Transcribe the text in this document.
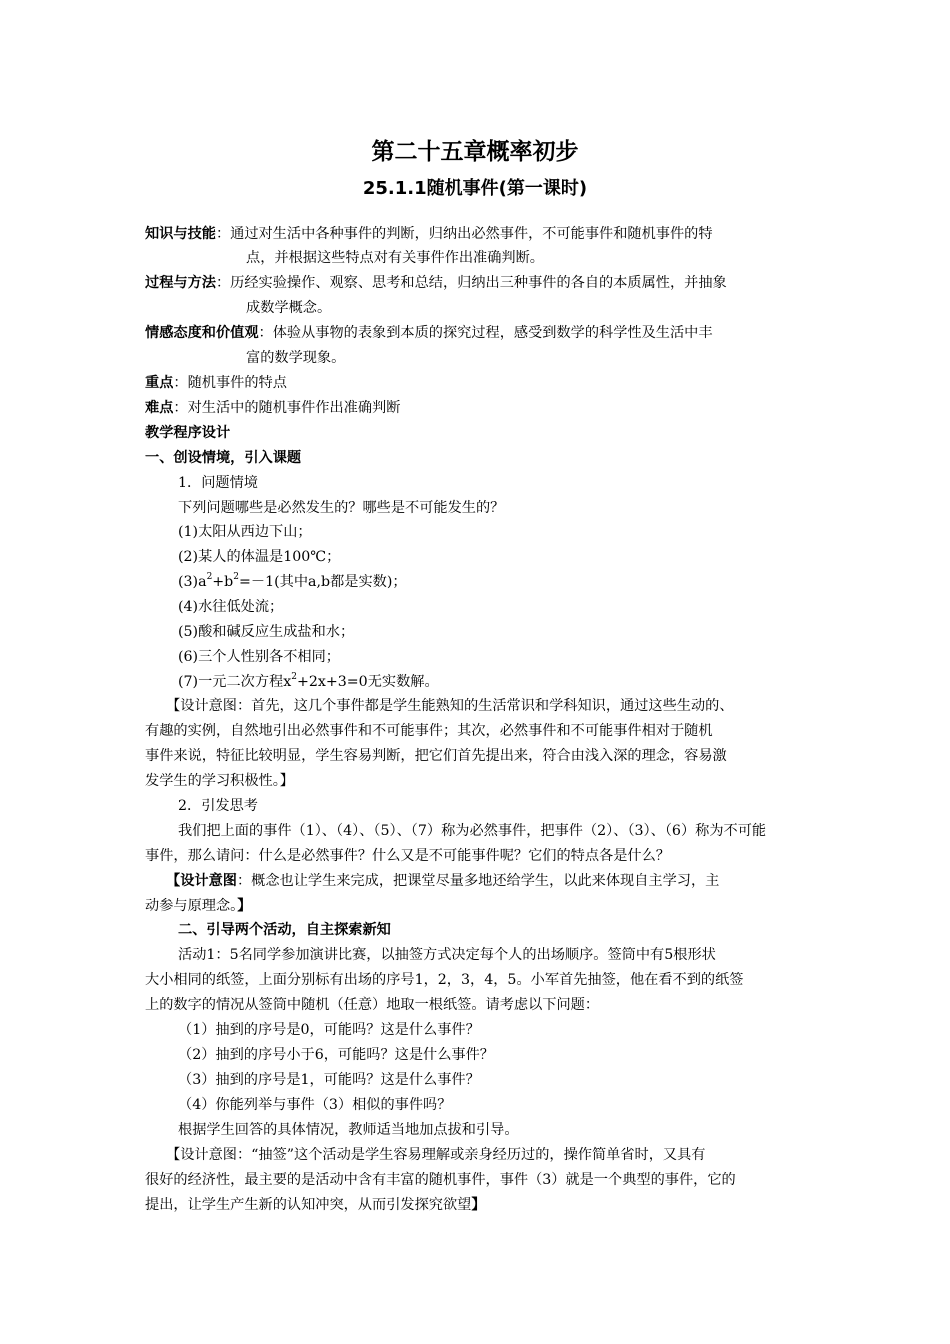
第二十五章概率初步
25.1.1随机事件(第一课时)
知识与技能：通过对生活中各种事件的判断，归纳出必然事件，不可能事件和随机事件的特
点，并根据这些特点对有关事件作出准确判断。
过程与方法：历经实验操作、观察、思考和总结，归纳出三种事件的各自的本质属性，并抽象
成数学概念。
情感态度和价值观：体验从事物的表象到本质的探究过程，感受到数学的科学性及生活中丰
富的数学现象。
重点：随机事件的特点
难点：对生活中的随机事件作出准确判断
教学程序设计
一、创设情境，引入课题
1．问题情境
下列问题哪些是必然发生的？哪些是不可能发生的？
(1)太阳从西边下山；
(2)某人的体温是100℃；
$(3)a^2+b^2=-1$(其中a,b都是实数)；
(4)水往低处流；
(5)酸和碱反应生成盐和水；
(6)三个人性别各不相同；
(7)一元二次方程$x^2+2x+3=0$无实数解。
【设计意图：首先，这几个事件都是学生能熟知的生活常识和学科知识，通过这些生动的、
有趣的实例，自然地引出必然事件和不可能事件；其次，必然事件和不可能事件相对于随机
事件来说，特征比较明显，学生容易判断，把它们首先提出来，符合由浅入深的理念，容易激
发学生的学习积极性。】
2．引发思考
我们把上面的事件（1）、（4）、（5）、（7）称为必然事件，把事件（2）、（3）、（6）称为不可能
事件，那么请问：什么是必然事件？什么又是不可能事件呢？它们的特点各是什么？
【设计意图：概念也让学生来完成，把课堂尽量多地还给学生，以此来体现自主学习，主
动参与原理念。】
二、引导两个活动，自主探索新知
活动1：5名同学参加演讲比赛，以抽签方式决定每个人的出场顺序。签筒中有5根形状
大小相同的纸签，上面分别标有出场的序号1，2，3，4，5。小军首先抽签，他在看不到的纸签
上的数字的情况从签筒中随机（任意）地取一根纸签。请考虑以下问题：
（1）抽到的序号是0，可能吗？这是什么事件？
（2）抽到的序号小于6，可能吗？这是什么事件？
（3）抽到的序号是1，可能吗？这是什么事件？
（4）你能列举与事件（3）相似的事件吗？
根据学生回答的具体情况，教师适当地加点拔和引导。
【设计意图：“抽签”这个活动是学生容易理解或亲身经历过的，操作简单省时，又具有
很好的经济性，最主要的是活动中含有丰富的随机事件，事件（3）就是一个典型的事件，它的
提出，让学生产生新的认知冲突，从而引发探究欲望】
